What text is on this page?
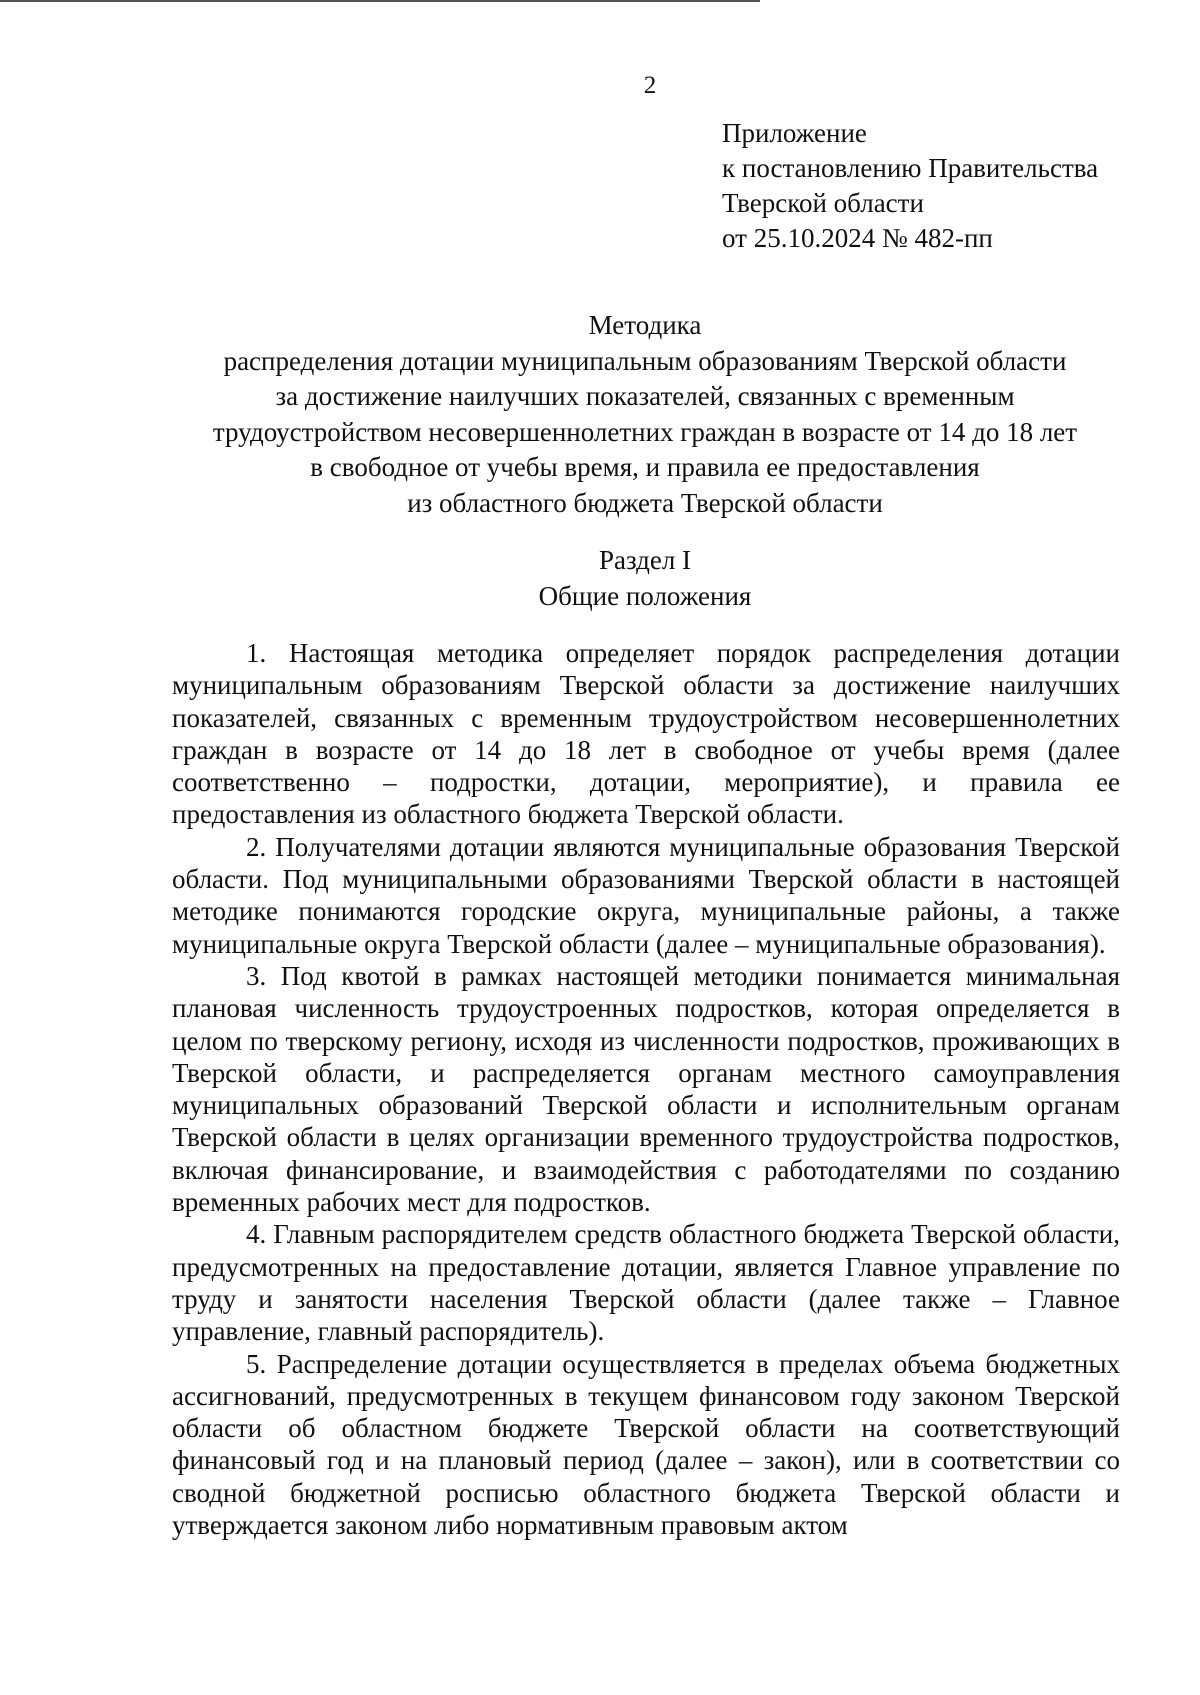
2
Приложение
к постановлению Правительства
Тверской области
от 25.10.2024 № 482-пп
Методика
распределения дотации муниципальным образованиям Тверской области
за достижение наилучших показателей, связанных с временным
трудоустройством несовершеннолетних граждан в возрасте от 14 до 18 лет
в свободное от учебы время, и правила ее предоставления
из областного бюджета Тверской области
Раздел I
Общие положения

1. Настоящая методика определяет порядок распределения дотации муниципальным образованиям Тверской области за достижение наилучших показателей, связанных с временным трудоустройством несовершеннолетних граждан в возрасте от 14 до 18 лет в свободное от учебы время (далее соответственно – подростки, дотации, мероприятие), и правила ее предоставления из областного бюджета Тверской области.

2. Получателями дотации являются муниципальные образования Тверской области. Под муниципальными образованиями Тверской области в настоящей методике понимаются городские округа, муниципальные районы, а также муниципальные округа Тверской области (далее – муниципальные образования).

3. Под квотой в рамках настоящей методики понимается минимальная плановая численность трудоустроенных подростков, которая определяется в целом по тверскому региону, исходя из численности подростков, проживающих в Тверской области, и распределяется органам местного самоуправления муниципальных образований Тверской области и исполнительным органам Тверской области в целях организации временного трудоустройства подростков, включая финансирование, и взаимодействия с работодателями по созданию временных рабочих мест для подростков.

4. Главным распорядителем средств областного бюджета Тверской области, предусмотренных на предоставление дотации, является Главное управление по труду и занятости населения Тверской области (далее также – Главное управление, главный распорядитель).

5. Распределение дотации осуществляется в пределах объема бюджетных ассигнований, предусмотренных в текущем финансовом году законом Тверской области об областном бюджете Тверской области на соответствующий финансовый год и на плановый период (далее – закон), или в соответствии со сводной бюджетной росписью областного бюджета Тверской области и утверждается законом либо нормативным правовым актом
